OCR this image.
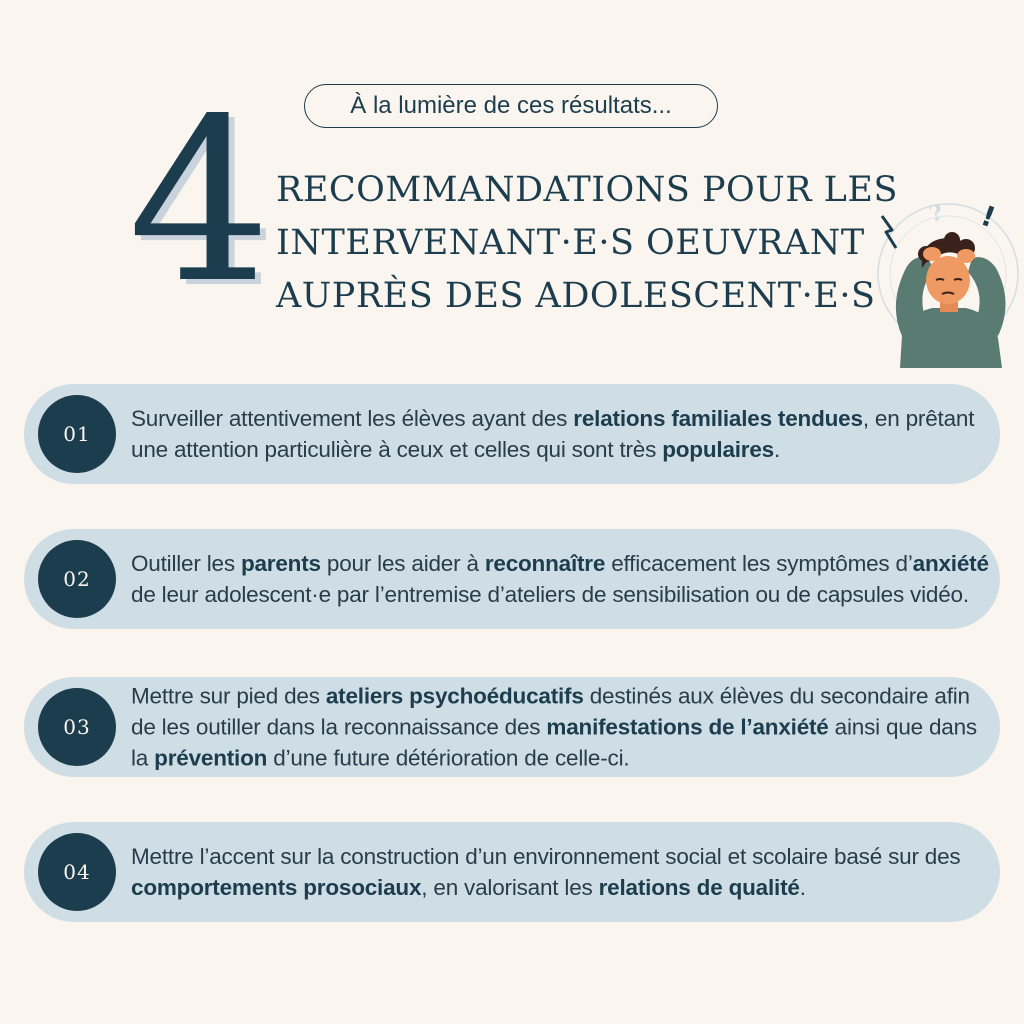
À la lumière de ces résultats...
4 RECOMMANDATIONS POUR LES
INTERVENANT·E·S OEUVRANT
AUPRÈS DES ADOLESCENT·E·S
? !
01
Surveiller attentivement les élèves ayant des relations familiales tendues, en prêtant une attention particulière à ceux et celles qui sont très populaires.
02
Outiller les parents pour les aider à reconnaître efficacement les symptômes d’anxiété de leur adolescent·e par l’entremise d’ateliers de sensibilisation ou de capsules vidéo.
03
Mettre sur pied des ateliers psychoéducatifs destinés aux élèves du secondaire afin de les outiller dans la reconnaissance des manifestations de l’anxiété ainsi que dans la prévention d’une future détérioration de celle-ci.
04
Mettre l’accent sur la construction d’un environnement social et scolaire basé sur des comportements prosociaux, en valorisant les relations de qualité.
